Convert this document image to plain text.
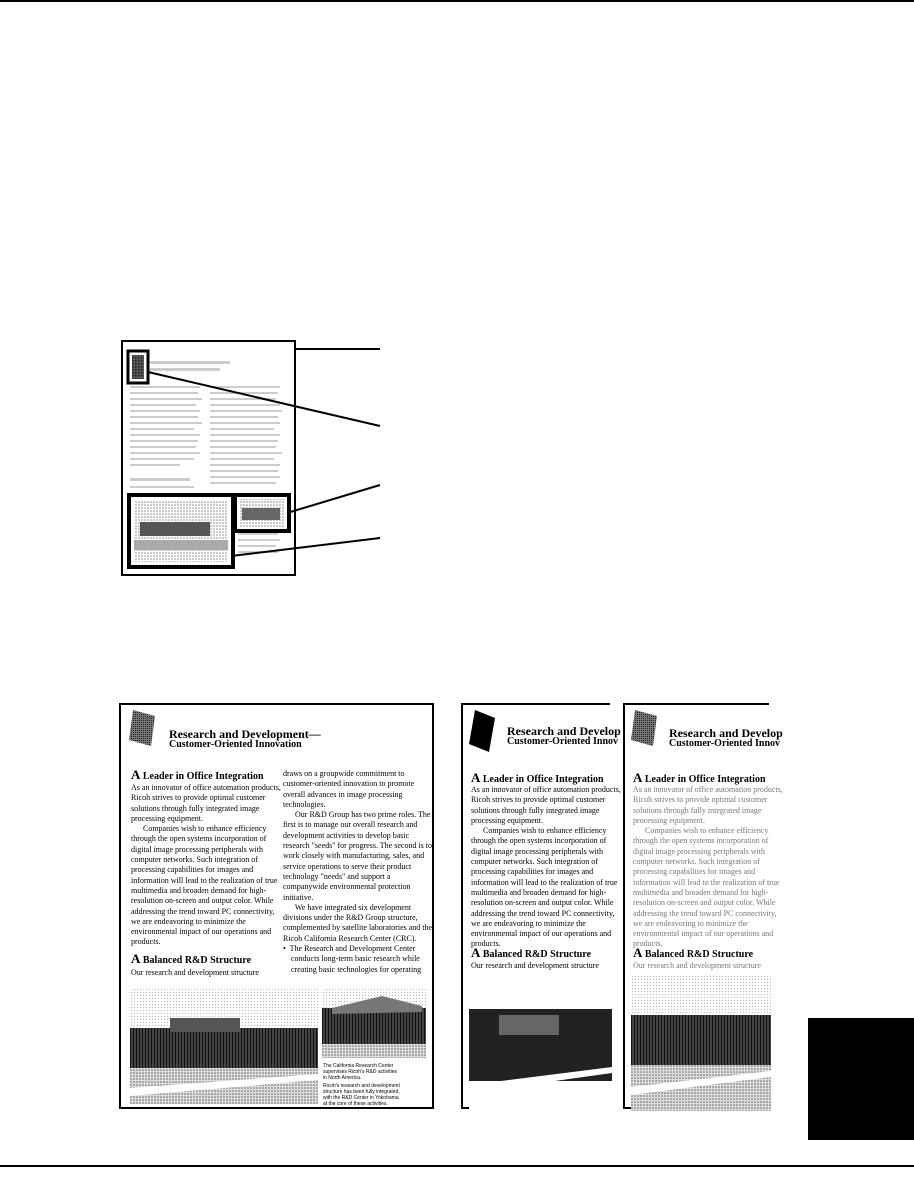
Research and Development—
Customer-Oriented Innovation
A Leader in Office Integration
As an innovator of office automation products,
Ricoh strives to provide optimal customer
solutions through fully integrated image
processing equipment.
Companies wish to enhance efficiency
through the open systems incorporation of
digital image processing peripherals with
computer networks. Such integration of
processing capabilities for images and
information will lead to the realization of true
multimedia and broaden demand for high-
resolution on-screen and output color. While
addressing the trend toward PC connectivity,
we are endeavoring to minimize the
environmental impact of our operations and
products.
A Balanced R&D Structure
Our research and development structure
draws on a groupwide commitment to
customer-oriented innovation to promote
overall advances in image processing
technologies.
Our R&D Group has two prime roles. The
first is to manage our overall research and
development activities to develop basic
research "seeds" for progress. The second is to
work closely with manufacturing, sales, and
service operations to serve their product
technology "needs" and support a
companywide environmental protection
initiative.
We have integrated six development
divisions under the R&D Group structure,
complemented by satellite laboratories and the
Ricoh California Research Center (CRC).
•  The Research and Development Center
conducts long-term basic research while
creating basic technologies for operating
The California Research Center
supervises Ricoh's R&D activities
in North America.
Ricoh's research and development
structure has been fully integrated,
with the R&D Center in Yokohama
at the core of these activities.
Research and Develop
Customer-Oriented Innov
A Leader in Office Integration
As an innovator of office automation products,
Ricoh strives to provide optimal customer
solutions through fully integrated image
processing equipment.
Companies wish to enhance efficiency
through the open systems incorporation of
digital image processing peripherals with
computer networks. Such integration of
processing capabilities for images and
information will lead to the realization of true
multimedia and broaden demand for high-
resolution on-screen and output color. While
addressing the trend toward PC connectivity,
we are endeavoring to minimize the
environmental impact of our operations and
products.
A Balanced R&D Structure
Our research and development structure
Research and Develop
Customer-Oriented Innov
A Leader in Office Integration
As an innovator of office automation products,
Ricoh strives to provide optimal customer
solutions through fully integrated image
processing equipment.
Companies wish to enhance efficiency
through the open systems incorporation of
digital image processing peripherals with
computer networks. Such integration of
processing capabilities for images and
information will lead to the realization of true
multimedia and broaden demand for high-
resolution on-screen and output color. While
addressing the trend toward PC connectivity,
we are endeavoring to minimize the
environmental impact of our operations and
products.
A Balanced R&D Structure
Our research and development structure
